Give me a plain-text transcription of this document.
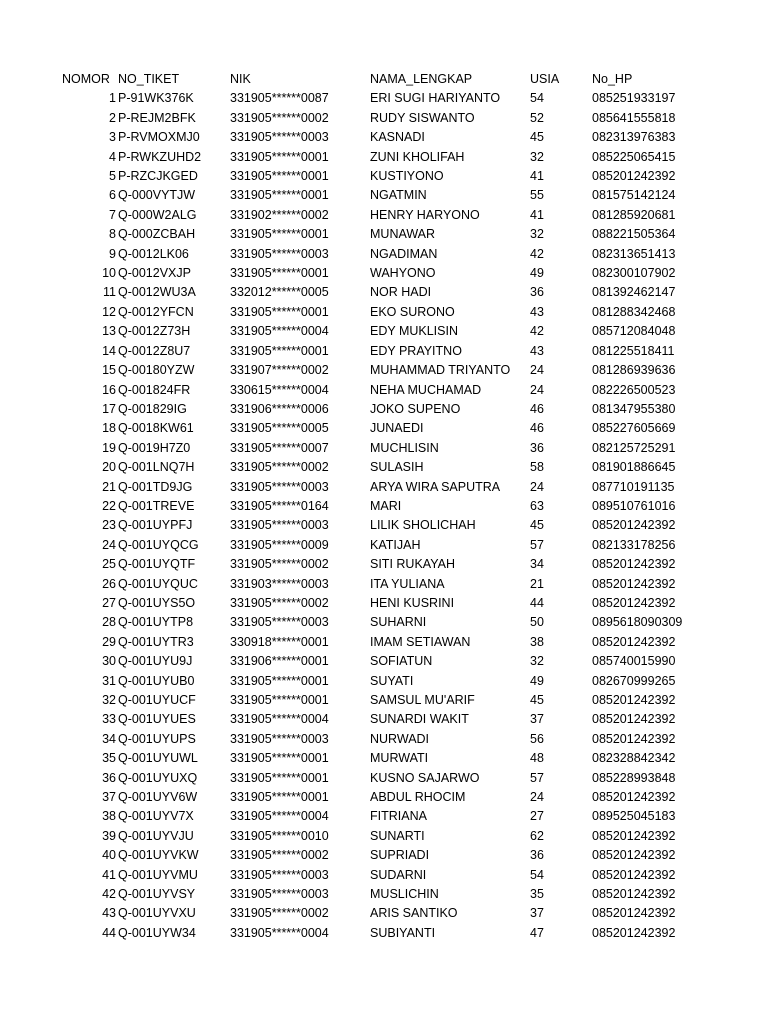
NOMOR	NO_TIKET	NIK	NAMA_LENGKAP	USIA	No_HP
1	P-91WK376K	331905******0087	ERI SUGI HARIYANTO	54	085251933197
2	P-REJM2BFK	331905******0002	RUDY SISWANTO	52	085641555818
3	P-RVMOXMJ0	331905******0003	KASNADI	45	082313976383
4	P-RWKZUHD2	331905******0001	ZUNI KHOLIFAH	32	085225065415
5	P-RZCJKGED	331905******0001	KUSTIYONO	41	085201242392
6	Q-000VYTJW	331905******0001	NGATMIN	55	081575142124
7	Q-000W2ALG	331902******0002	HENRY HARYONO	41	081285920681
8	Q-000ZCBAH	331905******0001	MUNAWAR	32	088221505364
9	Q-0012LK06	331905******0003	NGADIMAN	42	082313651413
10	Q-0012VXJP	331905******0001	WAHYONO	49	082300107902
11	Q-0012WU3A	332012******0005	NOR HADI	36	081392462147
12	Q-0012YFCN	331905******0001	EKO SURONO	43	081288342468
13	Q-0012Z73H	331905******0004	EDY MUKLISIN	42	085712084048
14	Q-0012Z8U7	331905******0001	EDY PRAYITNO	43	081225518411
15	Q-00180YZW	331907******0002	MUHAMMAD TRIYANTO	24	081286939636
16	Q-001824FR	330615******0004	NEHA MUCHAMAD	24	082226500523
17	Q-001829IG	331906******0006	JOKO SUPENO	46	081347955380
18	Q-0018KW61	331905******0005	JUNAEDI	46	085227605669
19	Q-0019H7Z0	331905******0007	MUCHLISIN	36	082125725291
20	Q-001LNQ7H	331905******0002	SULASIH	58	081901886645
21	Q-001TD9JG	331905******0003	ARYA WIRA SAPUTRA	24	087710191135
22	Q-001TREVE	331905******0164	MARI	63	089510761016
23	Q-001UYPFJ	331905******0003	LILIK SHOLICHAH	45	085201242392
24	Q-001UYQCG	331905******0009	KATIJAH	57	082133178256
25	Q-001UYQTF	331905******0002	SITI RUKAYAH	34	085201242392
26	Q-001UYQUC	331903******0003	ITA YULIANA	21	085201242392
27	Q-001UYS5O	331905******0002	HENI KUSRINI	44	085201242392
28	Q-001UYTP8	331905******0003	SUHARNI	50	0895618090309
29	Q-001UYTR3	330918******0001	IMAM SETIAWAN	38	085201242392
30	Q-001UYU9J	331906******0001	SOFIATUN	32	085740015990
31	Q-001UYUB0	331905******0001	SUYATI	49	082670999265
32	Q-001UYUCF	331905******0001	SAMSUL MU'ARIF	45	085201242392
33	Q-001UYUES	331905******0004	SUNARDI WAKIT	37	085201242392
34	Q-001UYUPS	331905******0003	NURWADI	56	085201242392
35	Q-001UYUWL	331905******0001	MURWATI	48	082328842342
36	Q-001UYUXQ	331905******0001	KUSNO SAJARWO	57	085228993848
37	Q-001UYV6W	331905******0001	ABDUL RHOCIM	24	085201242392
38	Q-001UYV7X	331905******0004	FITRIANA	27	089525045183
39	Q-001UYVJU	331905******0010	SUNARTI	62	085201242392
40	Q-001UYVKW	331905******0002	SUPRIADI	36	085201242392
41	Q-001UYVMU	331905******0003	SUDARNI	54	085201242392
42	Q-001UYVSY	331905******0003	MUSLICHIN	35	085201242392
43	Q-001UYVXU	331905******0002	ARIS SANTIKO	37	085201242392
44	Q-001UYW34	331905******0004	SUBIYANTI	47	085201242392
